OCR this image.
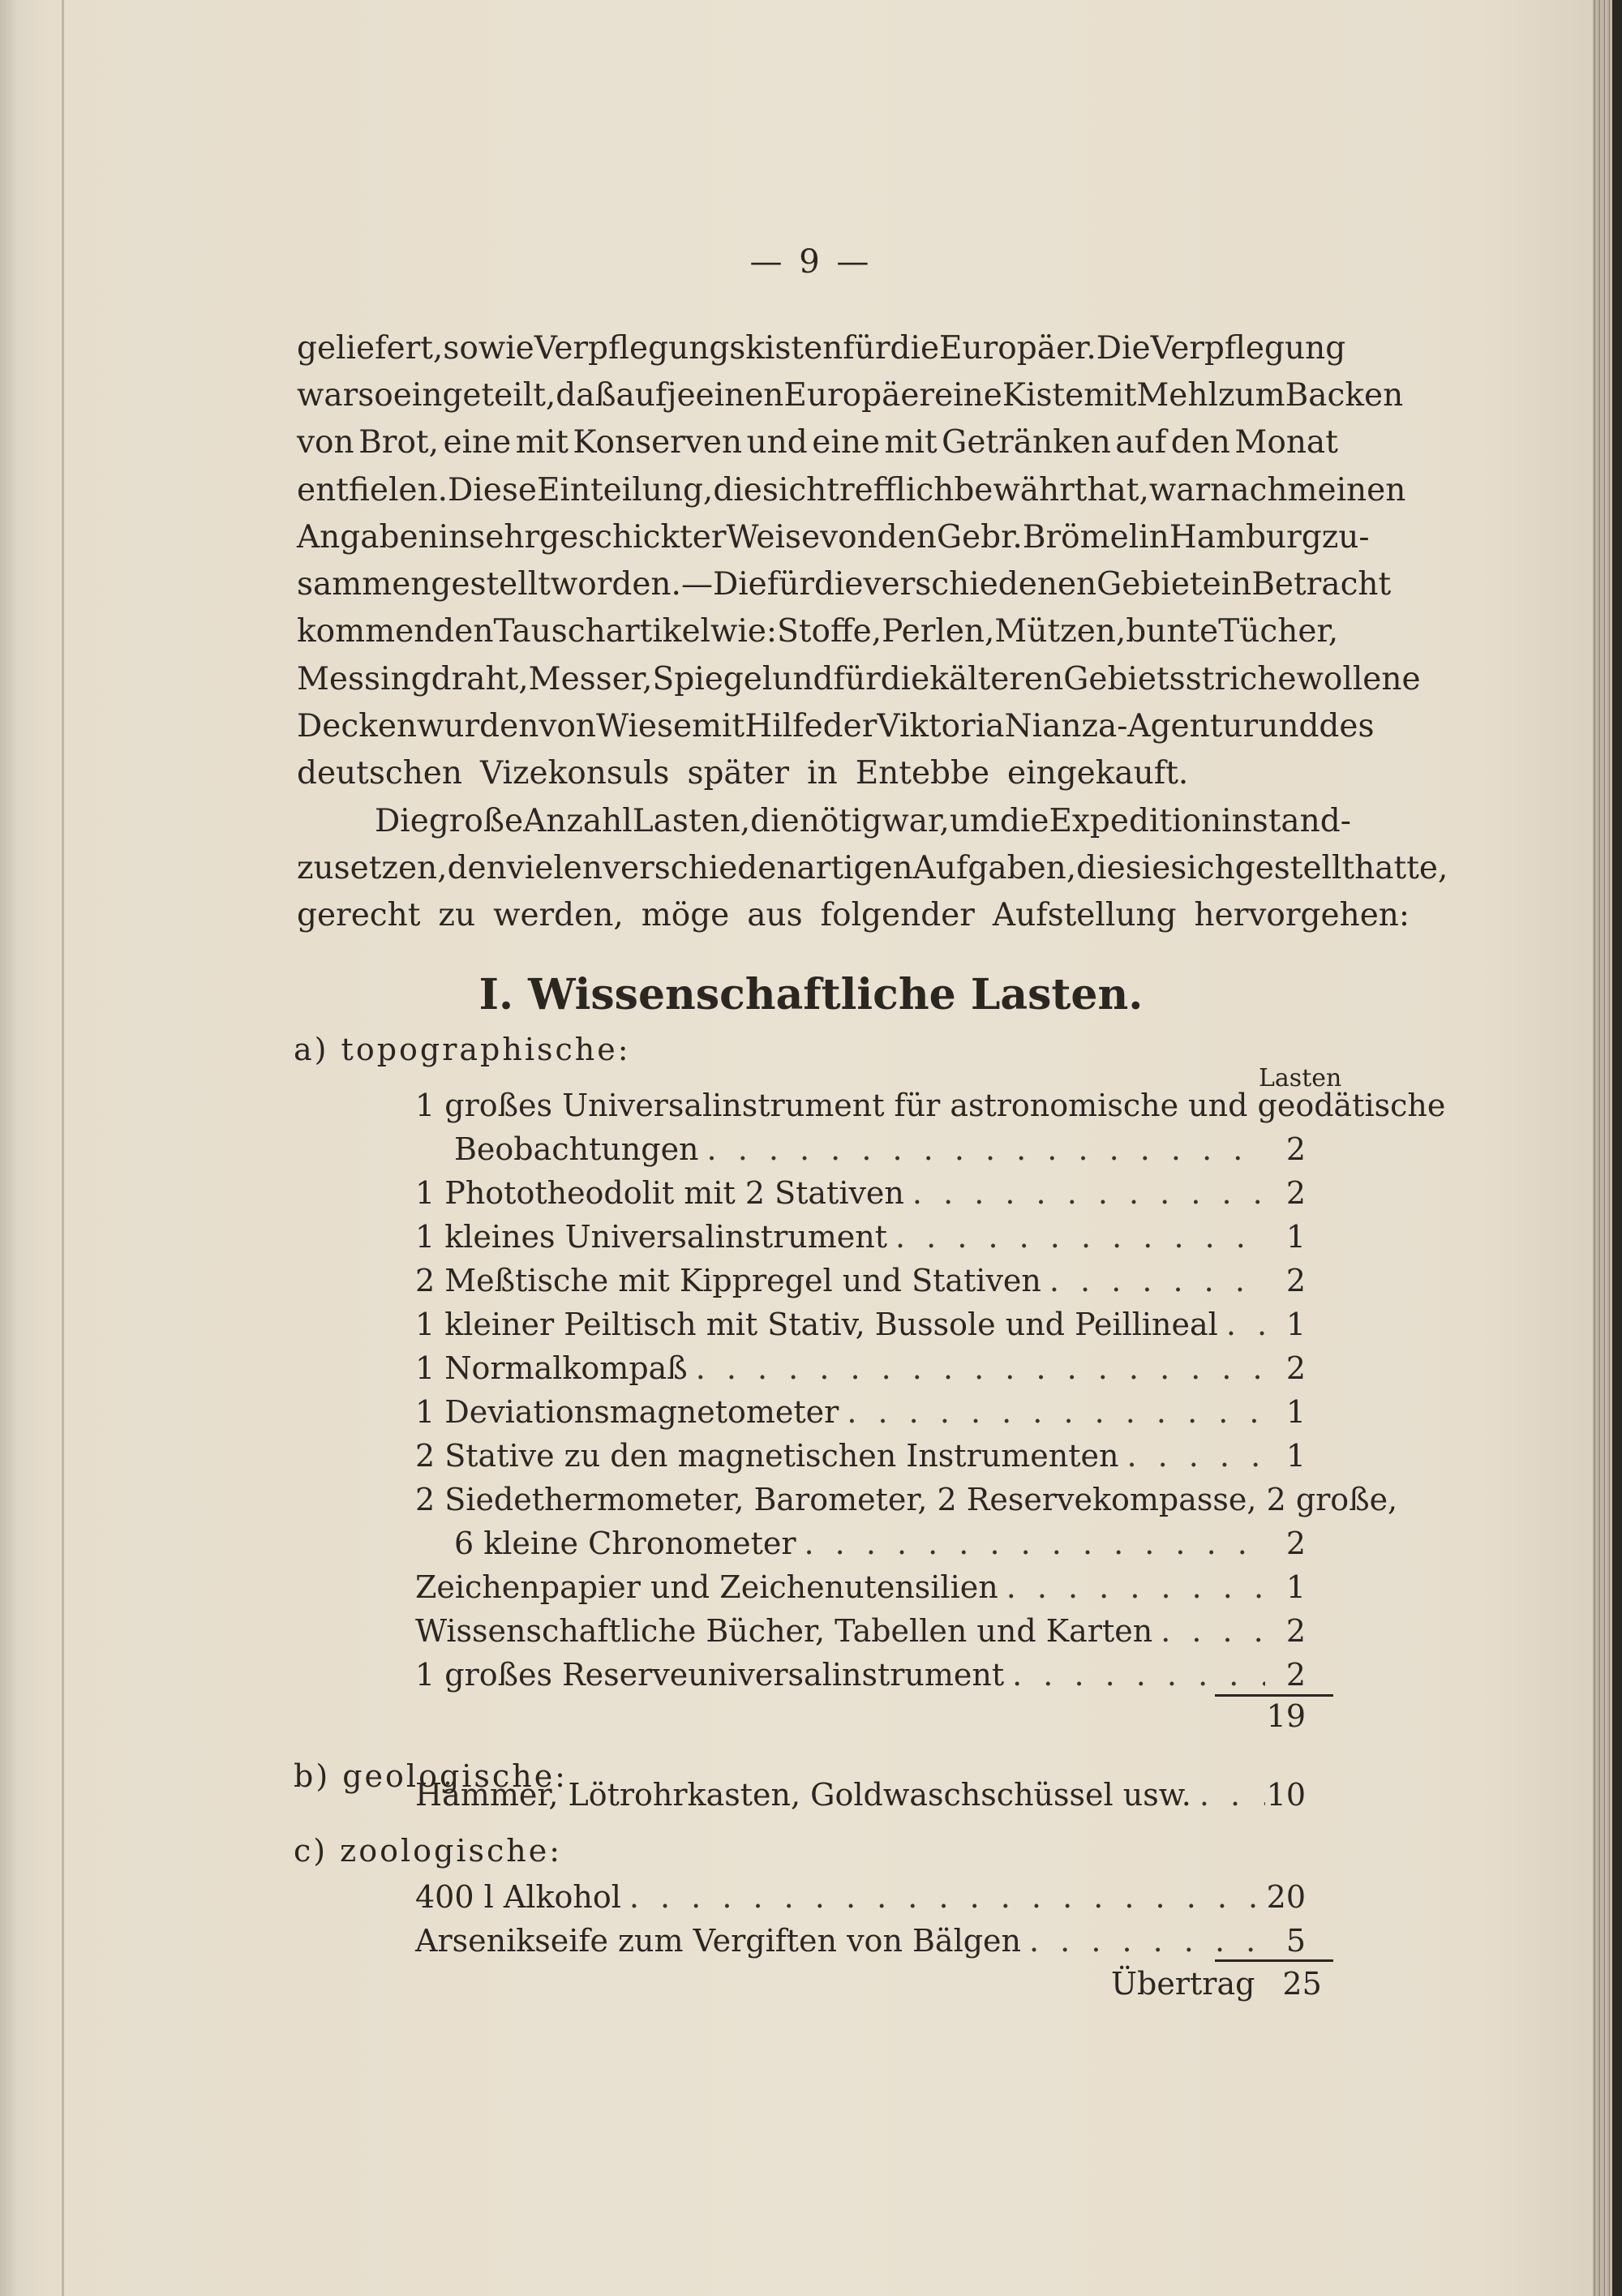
— 9 —
geliefert, sowie Verpflegungskisten für die Europäer. Die Verpflegung
war so eingeteilt, daß auf je einen Europäer eine Kiste mit Mehl zum Backen
von Brot, eine mit Konserven und eine mit Getränken auf den Monat
entfielen. Diese Einteilung, die sich trefflich bewährt hat, war nach meinen
Angaben in sehr geschickter Weise von den Gebr. Brömel in Hamburg zu-
sammengestellt worden. — Die für die verschiedenen Gebiete in Betracht
kommenden Tauschartikel wie: Stoffe, Perlen, Mützen, bunte Tücher,
Messingdraht, Messer, Spiegel und für die kälteren Gebietsstriche wollene
Decken wurden von Wiese mit Hilfe der Viktoria Nianza-Agentur und des
deutschen Vizekonsuls später in Entebbe eingekauft.
Die große Anzahl Lasten, die nötig war, um die Expedition instand-
zusetzen, den vielen verschiedenartigen Aufgaben, die sie sich gestellt hatte,
gerecht zu werden, möge aus folgender Aufstellung hervorgehen:
I. Wissenschaftliche Lasten.
a) topographische:
Lasten
1 großes Universalinstrument für astronomische und geodätische
Beobachtungen . . .	2
1 Phototheodolit mit 2 Stativen . . .	2
1 kleines Universalinstrument . . .	1
2 Meßtische mit Kippregel und Stativen . . .	2
1 kleiner Peiltisch mit Stativ, Bussole und Peillineal . . .	1
1 Normalkompaß . . .	2
1 Deviationsmagnetometer . . .	1
2 Stative zu den magnetischen Instrumenten . . .	1
2 Siedethermometer, Barometer, 2 Reservekompasse, 2 große,
6 kleine Chronometer . . .	2
Zeichenpapier und Zeichenutensilien . . .	1
Wissenschaftliche Bücher, Tabellen und Karten . . .	2
1 großes Reserveuniversalinstrument . . .	2
19
b) geologische:
Hämmer, Lötrohrkasten, Goldwaschschüssel usw. . . . 10
c) zoologische:
400 l Alkohol . . .	20
Arsenikseife zum Vergiften von Bälgen . . .	5
Übertrag 25
